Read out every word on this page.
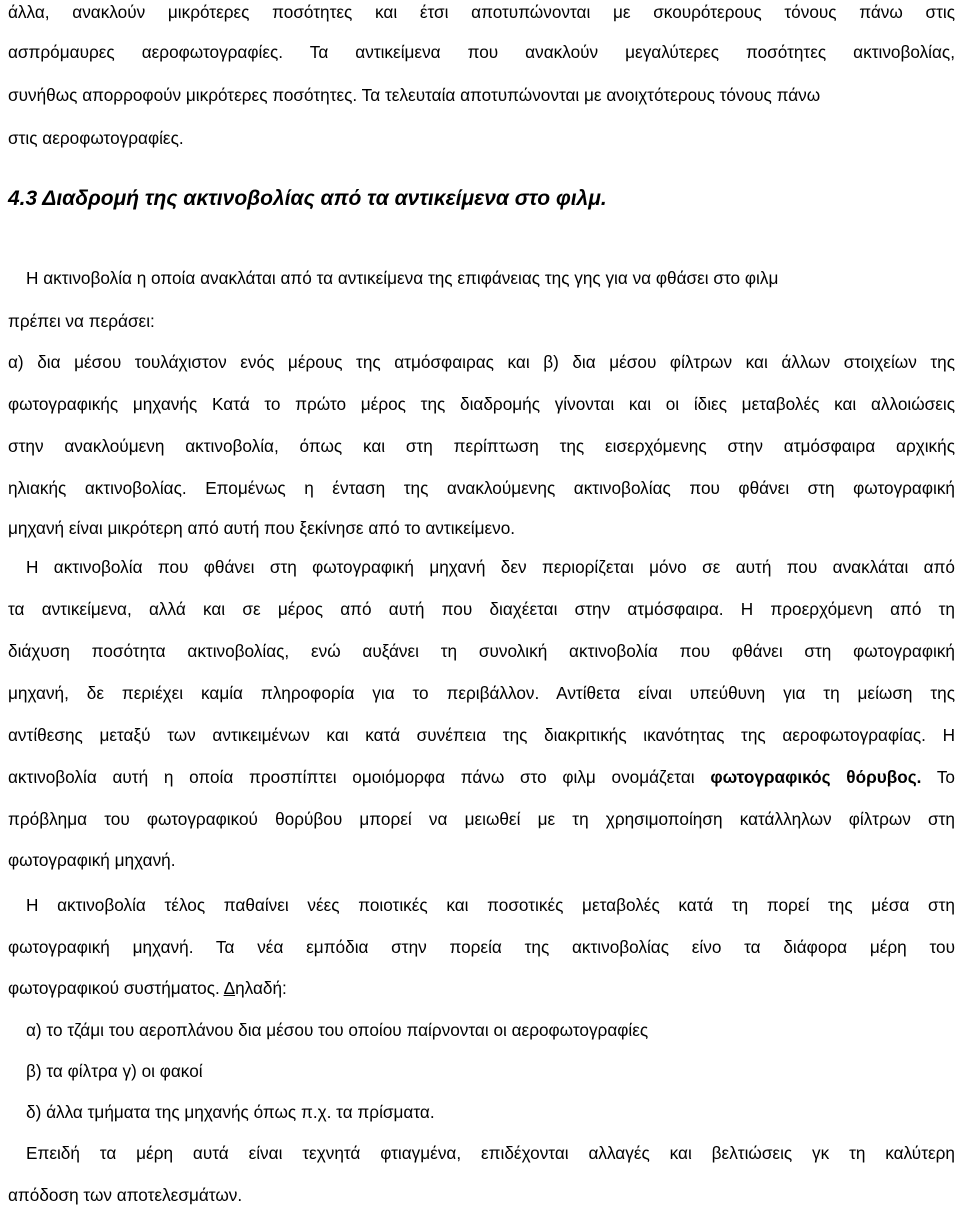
άλλα, ανακλούν μικρότερες ποσότητες και έτσι αποτυπώνονται με σκουρότερους τόνους πάνω στις
ασπρόμαυρες αεροφωτογραφίες. Τα αντικείμενα που ανακλούν μεγαλύτερες ποσότητες ακτινοβολίας,
συνήθως απορροφούν μικρότερες ποσότητες. Τα τελευταία αποτυπώνονται με ανοιχτότερους τόνους πάνω
στις αεροφωτογραφίες.
4.3 Διαδρομή της ακτινοβολίας από τα αντικείμενα στο φιλμ.
Η ακτινοβολία η οποία ανακλάται από τα αντικείμενα της επιφάνειας της γης για να φθάσει στο φιλμ
πρέπει να περάσει:
α) δια μέσου τουλάχιστον ενός μέρους της ατμόσφαιρας και β) δια μέσου φίλτρων και άλλων στοιχείων της
φωτογραφικής μηχανής Κατά το πρώτο μέρος της διαδρομής γίνονται και οι ίδιες μεταβολές και αλλοιώσεις
στην ανακλούμενη ακτινοβολία, όπως και στη περίπτωση της εισερχόμενης στην ατμόσφαιρα αρχικής
ηλιακής ακτινοβολίας. Επομένως η ένταση της ανακλούμενης ακτινοβολίας που φθάνει στη φωτογραφική
μηχανή είναι μικρότερη από αυτή που ξεκίνησε από το αντικείμενο.
Η ακτινοβολία που φθάνει στη φωτογραφική μηχανή δεν περιορίζεται μόνο σε αυτή που ανακλάται από
τα αντικείμενα, αλλά και σε μέρος από αυτή που διαχέεται στην ατμόσφαιρα. Η προερχόμενη από τη
διάχυση ποσότητα ακτινοβολίας, ενώ αυξάνει τη συνολική ακτινοβολία που φθάνει στη φωτογραφική
μηχανή, δε περιέχει καμία πληροφορία για το περιβάλλον. Αντίθετα είναι υπεύθυνη για τη μείωση της
αντίθεσης μεταξύ των αντικειμένων και κατά συνέπεια της διακριτικής ικανότητας της αεροφωτογραφίας. Η
ακτινοβολία αυτή η οποία προσπίπτει ομοιόμορφα πάνω στο φιλμ ονομάζεται φωτογραφικός θόρυβος. Το
πρόβλημα του φωτογραφικού θορύβου μπορεί να μειωθεί με τη χρησιμοποίηση κατάλληλων φίλτρων στη
φωτογραφική μηχανή.
Η ακτινοβολία τέλος παθαίνει νέες ποιοτικές και ποσοτικές μεταβολές κατά τη πορεί της μέσα στη
φωτογραφική μηχανή. Τα νέα εμπόδια στην πορεία της ακτινοβολίας είνο τα διάφορα μέρη του
φωτογραφικού συστήματος. Δηλαδή:
α) το τζάμι του αεροπλάνου δια μέσου του οποίου παίρνονται οι αεροφωτογραφίες
β) τα φίλτρα γ) οι φακοί
δ) άλλα τμήματα της μηχανής όπως π.χ. τα πρίσματα.
Επειδή τα μέρη αυτά είναι τεχνητά φτιαγμένα, επιδέχονται αλλαγές και βελτιώσεις γκ τη καλύτερη
απόδοση των αποτελεσμάτων.
